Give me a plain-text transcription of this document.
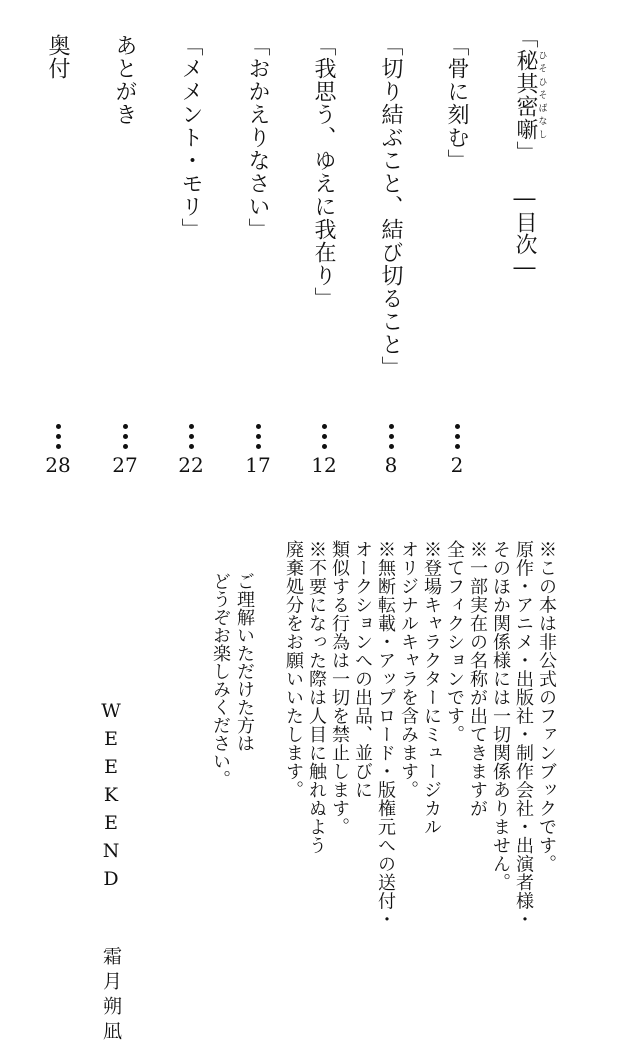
―目次―
「秘其密噺ひそひそばなし」
「骨に刻む」
「切り結ぶこと、結び切ること」
「我思う、ゆえに我在り」
「おかえりなさい」
「メメント・モリ」
あとがき
奥付
2
8
12
17
22
27
28
※この本は非公式のファンブックです。
原作・アニメ・出版社・制作会社・出演者様・
そのほか関係様には一切関係ありません。
※一部実在の名称が出てきますが
全てフィクションです。
※登場キャラクターにミュージカル
オリジナルキャラを含みます。
※無断転載・アップロード・版権元への送付・
オークションへの出品、並びに
類似する行為は一切を禁止します。
※不要になった際は人目に触れぬよう
廃棄処分をお願いいたします。
ご理解いただけた方は
どうぞお楽しみください。
WEEKEND　　霜月朔凪
